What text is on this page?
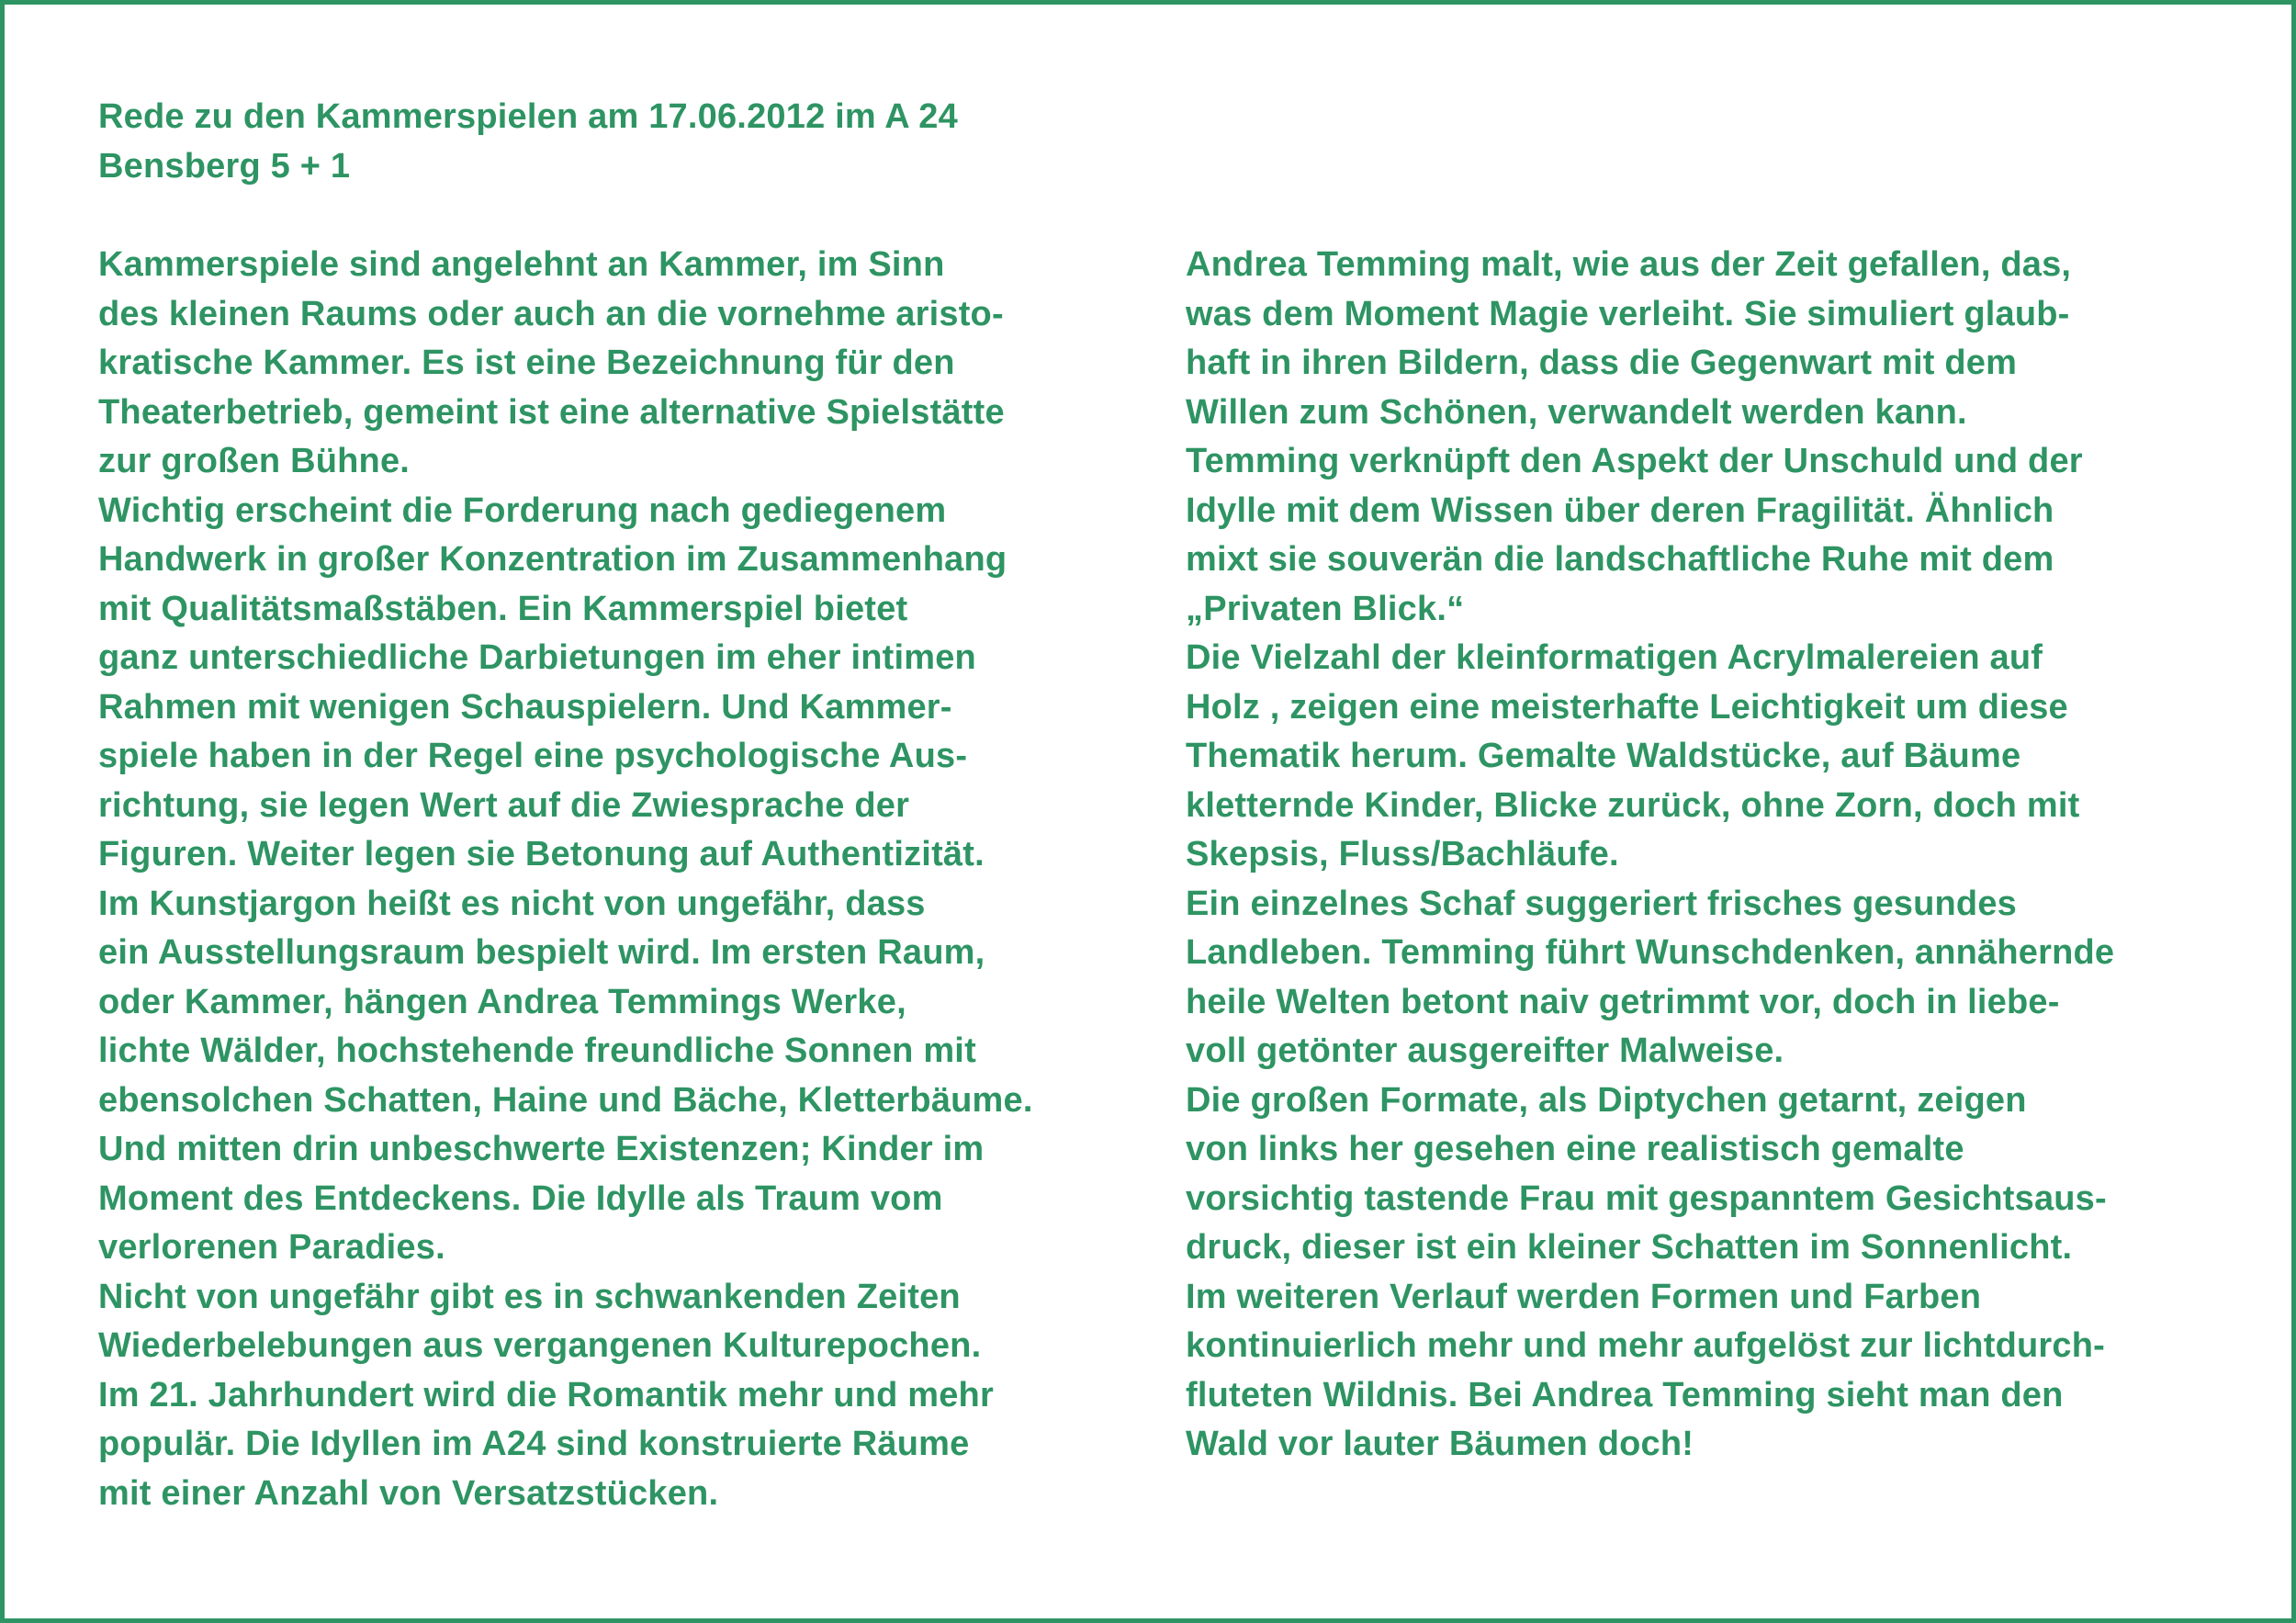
Rede zu den Kammerspielen am 17.06.2012 im A 24
Bensberg 5 + 1
Kammerspiele sind angelehnt an Kammer, im Sinn
des kleinen Raums oder auch an die vornehme aristo-
kratische Kammer. Es ist eine Bezeichnung für den
Theaterbetrieb, gemeint ist eine alternative Spielstätte
zur großen Bühne.
Wichtig erscheint die Forderung nach gediegenem
Handwerk in großer Konzentration im Zusammenhang
mit Qualitätsmaßstäben. Ein Kammerspiel bietet
ganz unterschiedliche Darbietungen im eher intimen
Rahmen mit wenigen Schauspielern. Und Kammer-
spiele haben in der Regel eine psychologische Aus-
richtung, sie legen Wert auf die Zwiesprache der
Figuren. Weiter legen sie Betonung auf Authentizität.
Im Kunstjargon heißt es nicht von ungefähr, dass
ein Ausstellungsraum bespielt wird. Im ersten Raum,
oder Kammer, hängen Andrea Temmings Werke,
lichte Wälder, hochstehende freundliche Sonnen mit
ebensolchen Schatten, Haine und Bäche, Kletterbäume.
Und mitten drin unbeschwerte Existenzen; Kinder im
Moment des Entdeckens. Die Idylle als Traum vom
verlorenen Paradies.
Nicht von ungefähr gibt es in schwankenden Zeiten
Wiederbelebungen aus vergangenen Kulturepochen.
Im 21. Jahrhundert wird die Romantik mehr und mehr
populär. Die Idyllen im A24 sind konstruierte Räume
mit einer Anzahl von Versatzstücken.
Andrea Temming malt, wie aus der Zeit gefallen, das,
was dem Moment Magie verleiht. Sie simuliert glaub-
haft in ihren Bildern, dass die Gegenwart mit dem
Willen zum Schönen, verwandelt werden kann.
Temming verknüpft den Aspekt der Unschuld und der
Idylle mit dem Wissen über deren Fragilität. Ähnlich
mixt sie souverän die landschaftliche Ruhe mit dem
„Privaten Blick.“
Die Vielzahl der kleinformatigen Acrylmalereien auf
Holz , zeigen eine meisterhafte Leichtigkeit um diese
Thematik herum. Gemalte Waldstücke, auf Bäume
kletternde Kinder, Blicke zurück, ohne Zorn, doch mit
Skepsis, Fluss/Bachläufe.
Ein einzelnes Schaf suggeriert frisches gesundes
Landleben. Temming führt Wunschdenken, annähernde
heile Welten betont naiv getrimmt vor, doch in liebe-
voll getönter ausgereifter Malweise.
Die großen Formate, als Diptychen getarnt, zeigen
von links her gesehen eine realistisch gemalte
vorsichtig tastende Frau mit gespanntem Gesichtsaus-
druck, dieser ist ein kleiner Schatten im Sonnenlicht.
Im weiteren Verlauf werden Formen und Farben
kontinuierlich mehr und mehr aufgelöst zur lichtdurch-
fluteten Wildnis. Bei Andrea Temming sieht man den
Wald vor lauter Bäumen doch!
